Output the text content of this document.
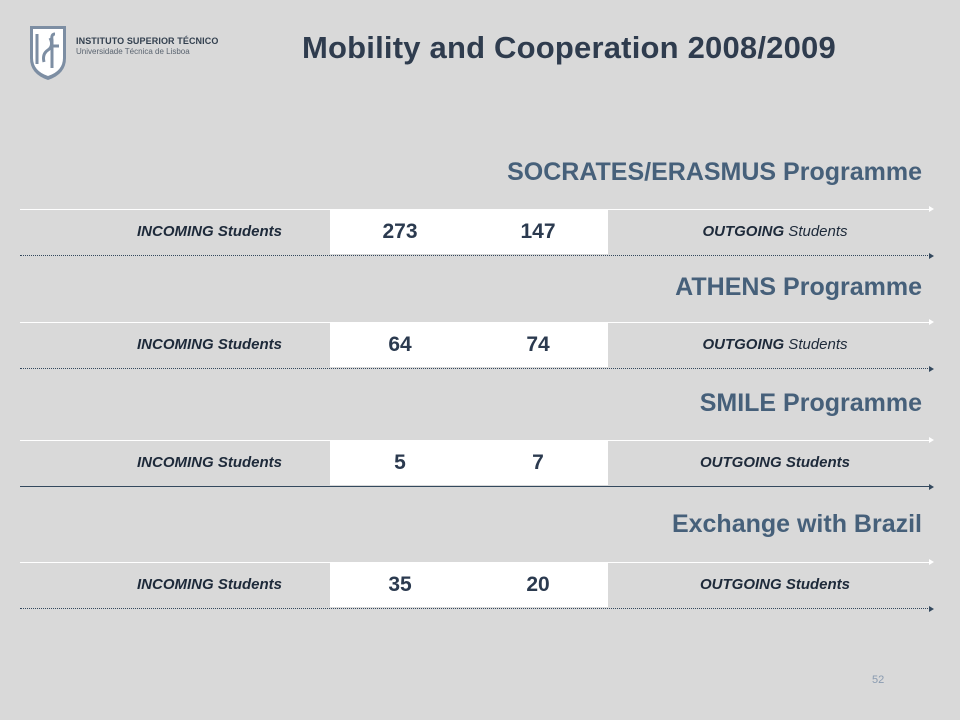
INSTITUTO SUPERIOR TÉCNICO
Universidade Técnica de Lisboa	Mobility and Cooperation 2008/2009
SOCRATES/ERASMUS Programme
INCOMING Students	273	147	OUTGOING Students
ATHENS Programme
INCOMING Students	64	74	OUTGOING Students
SMILE Programme
INCOMING Students	5	7	OUTGOING Students
Exchange with Brazil
INCOMING Students	35	20	OUTGOING Students
52
